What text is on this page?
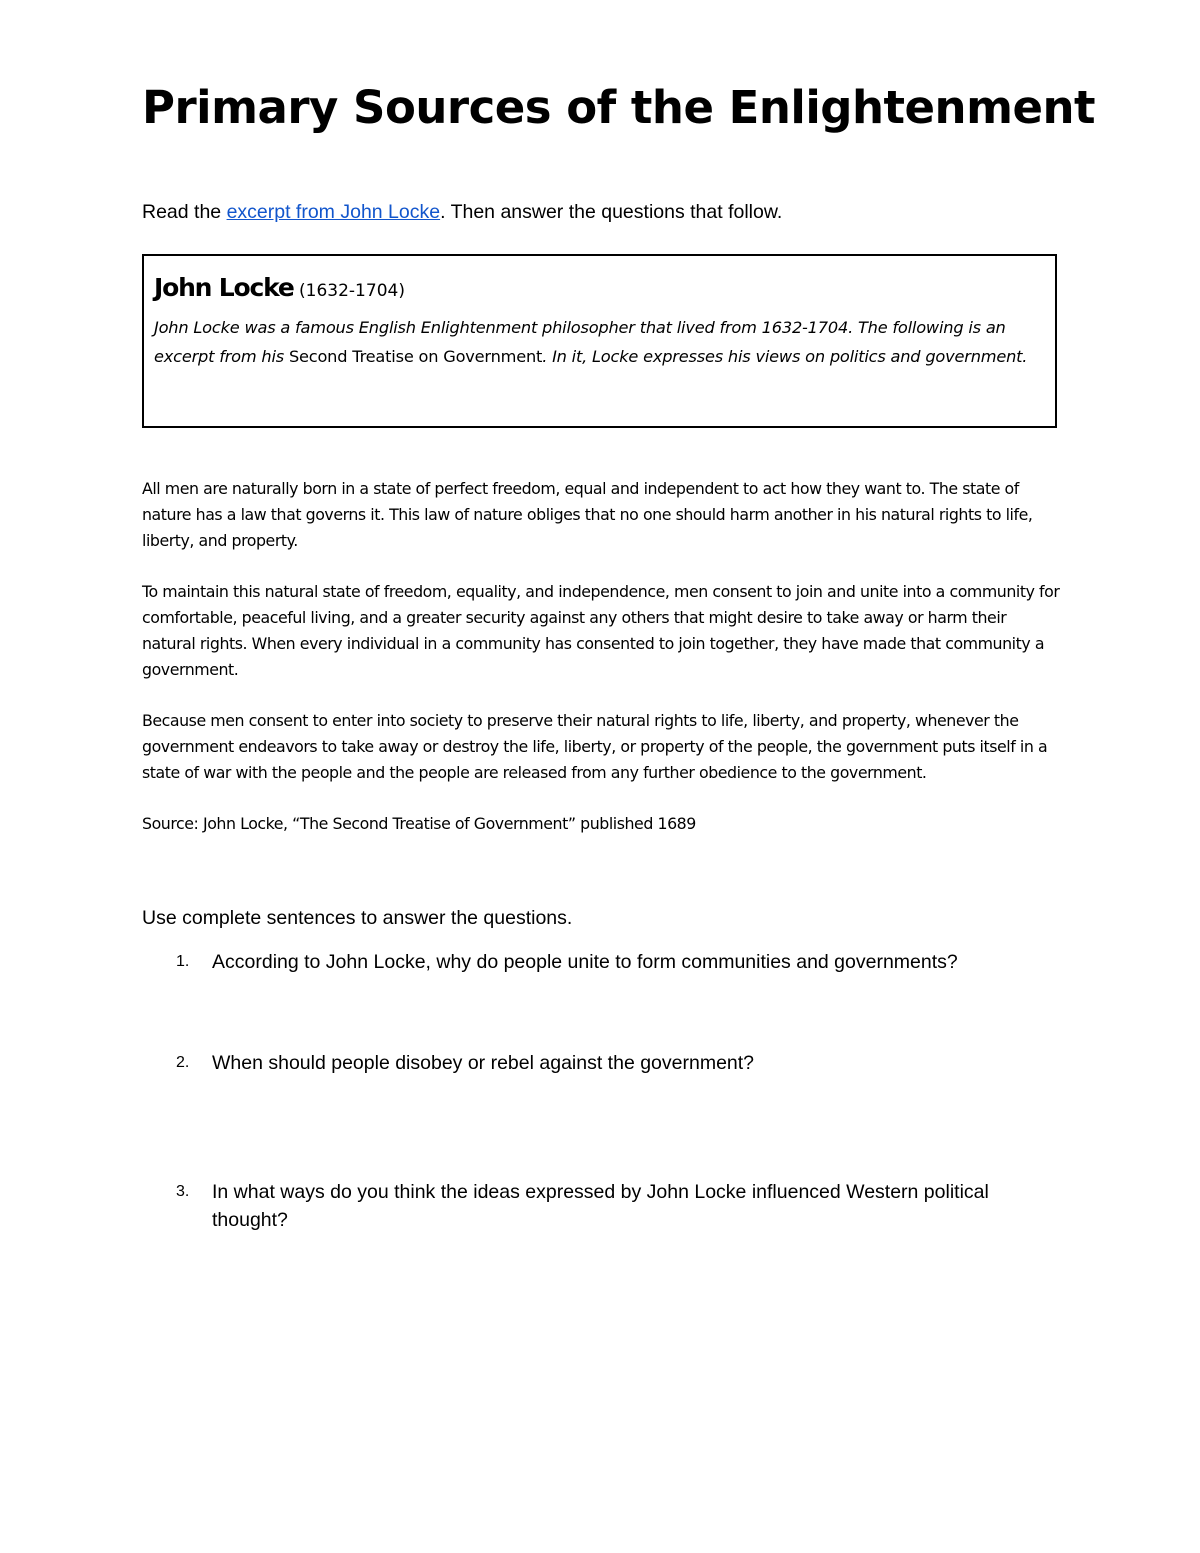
Primary Sources of the Enlightenment

Read the excerpt from John Locke. Then answer the questions that follow.

John Locke (1632-1704)

John Locke was a famous English Enlightenment philosopher that lived from 1632-1704. The following is an excerpt from his Second Treatise on Government. In it, Locke expresses his views on politics and government.

All men are naturally born in a state of perfect freedom, equal and independent to act how they want to. The state of nature has a law that governs it. This law of nature obliges that no one should harm another in his natural rights to life, liberty, and property.

To maintain this natural state of freedom, equality, and independence, men consent to join and unite into a community for comfortable, peaceful living, and a greater security against any others that might desire to take away or harm their natural rights. When every individual in a community has consented to join together, they have made that community a government.

Because men consent to enter into society to preserve their natural rights to life, liberty, and property, whenever the government endeavors to take away or destroy the life, liberty, or property of the people, the government puts itself in a state of war with the people and the people are released from any further obedience to the government.

Source: John Locke, “The Second Treatise of Government” published 1689

Use complete sentences to answer the questions.

1. According to John Locke, why do people unite to form communities and governments?
2. When should people disobey or rebel against the government?
3. In what ways do you think the ideas expressed by John Locke influenced Western political thought?
